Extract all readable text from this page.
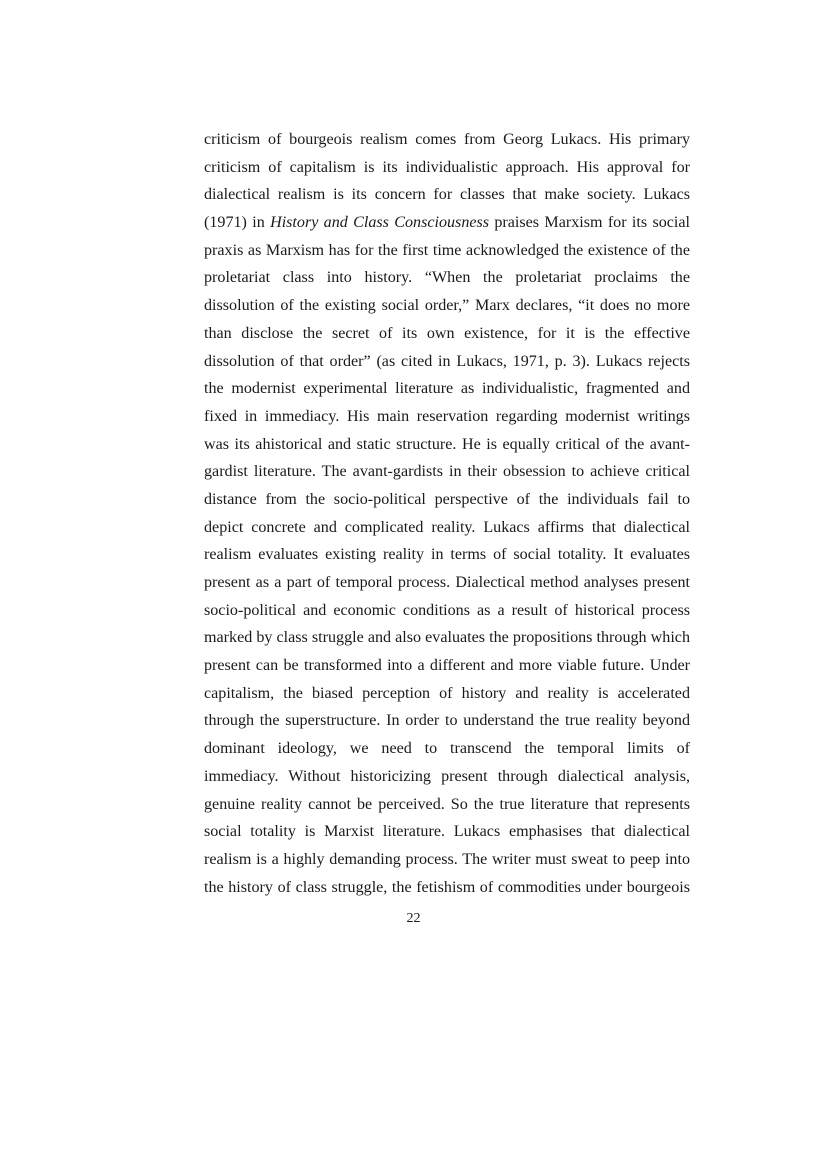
criticism of bourgeois realism comes from Georg Lukacs. His primary
criticism of capitalism is its individualistic approach. His approval for
dialectical realism is its concern for classes that make society. Lukacs
(1971) in History and Class Consciousness praises Marxism for its social
praxis as Marxism has for the first time acknowledged the existence of the
proletariat class into history. “When the proletariat proclaims the
dissolution of the existing social order,” Marx declares, “it does no more
than disclose the secret of its own existence, for it is the effective
dissolution of that order” (as cited in Lukacs, 1971, p. 3). Lukacs rejects
the modernist experimental literature as individualistic, fragmented and
fixed in immediacy. His main reservation regarding modernist writings
was its ahistorical and static structure. He is equally critical of the avant-
gardist literature. The avant-gardists in their obsession to achieve critical
distance from the socio-political perspective of the individuals fail to
depict concrete and complicated reality. Lukacs affirms that dialectical
realism evaluates existing reality in terms of social totality. It evaluates
present as a part of temporal process. Dialectical method analyses present
socio-political and economic conditions as a result of historical process
marked by class struggle and also evaluates the propositions through which
present can be transformed into a different and more viable future. Under
capitalism, the biased perception of history and reality is accelerated
through the superstructure. In order to understand the true reality beyond
dominant ideology, we need to transcend the temporal limits of
immediacy. Without historicizing present through dialectical analysis,
genuine reality cannot be perceived. So the true literature that represents
social totality is Marxist literature. Lukacs emphasises that dialectical
realism is a highly demanding process. The writer must sweat to peep into
the history of class struggle, the fetishism of commodities under bourgeois
22
